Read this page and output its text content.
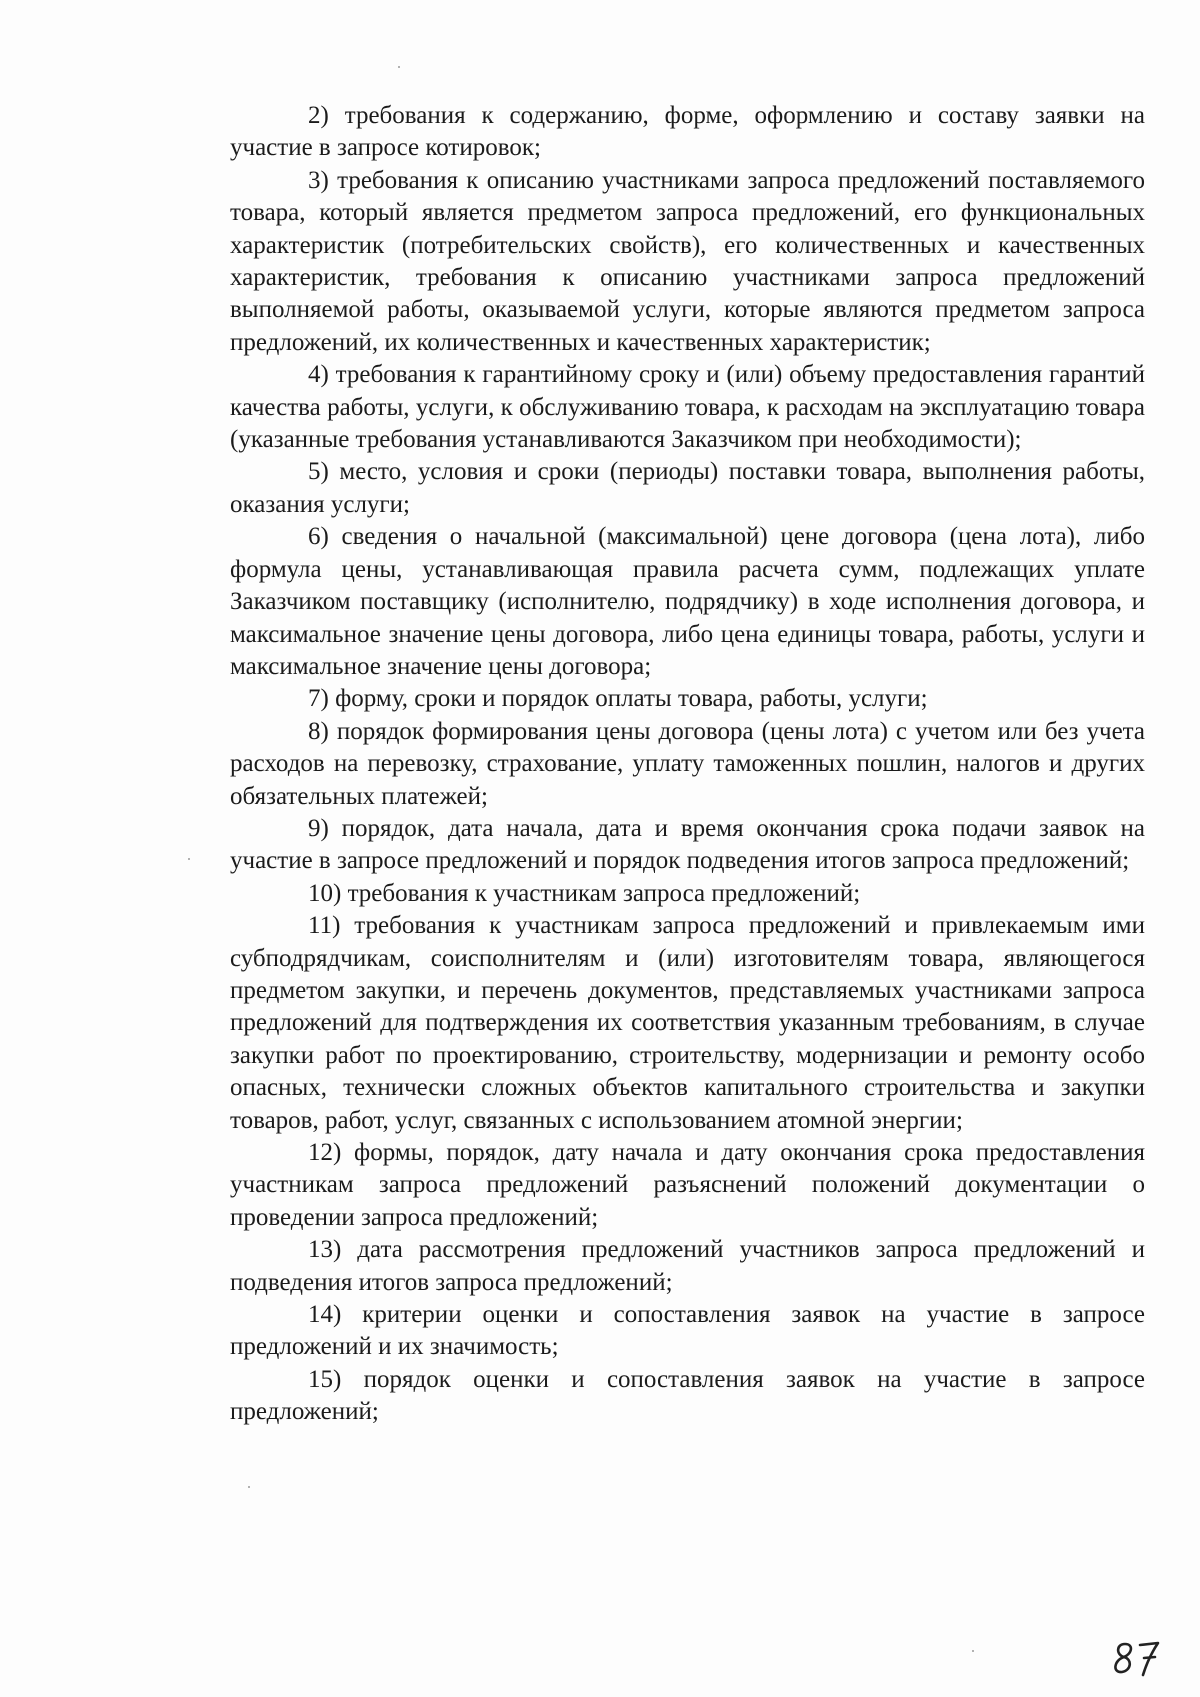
2) требования к содержанию, форме, оформлению и составу заявки на участие в запросе котировок;

3) требования к описанию участниками запроса предложений поставляемого товара, который является предметом запроса предложений, его функциональных характеристик (потребительских свойств), его количественных и качественных характеристик, требования к описанию участниками запроса предложений выполняемой работы, оказываемой услуги, которые являются предметом запроса предложений, их количественных и качественных характеристик;

4) требования к гарантийному сроку и (или) объему предоставления гарантий качества работы, услуги, к обслуживанию товара, к расходам на эксплуатацию товара (указанные требования устанавливаются Заказчиком при необходимости);

5) место, условия и сроки (периоды) поставки товара, выполнения работы, оказания услуги;

6) сведения о начальной (максимальной) цене договора (цена лота), либо формула цены, устанавливающая правила расчета сумм, подлежащих уплате Заказчиком поставщику (исполнителю, подрядчику) в ходе исполнения договора, и максимальное значение цены договора, либо цена единицы товара, работы, услуги и максимальное значение цены договора;

7) форму, сроки и порядок оплаты товара, работы, услуги;

8) порядок формирования цены договора (цены лота) с учетом или без учета расходов на перевозку, страхование, уплату таможенных пошлин, налогов и других обязательных платежей;

9) порядок, дата начала, дата и время окончания срока подачи заявок на участие в запросе предложений и порядок подведения итогов запроса предложений;

10) требования к участникам запроса предложений;

11) требования к участникам запроса предложений и привлекаемым ими субподрядчикам, соисполнителям и (или) изготовителям товара, являющегося предметом закупки, и перечень документов, представляемых участниками запроса предложений для подтверждения их соответствия указанным требованиям, в случае закупки работ по проектированию, строительству, модернизации и ремонту особо опасных, технически сложных объектов капитального строительства и закупки товаров, работ, услуг, связанных с использованием атомной энергии;

12) формы, порядок, дату начала и дату окончания срока предоставления участникам запроса предложений разъяснений положений документации о проведении запроса предложений;

13) дата рассмотрения предложений участников запроса предложений и подведения итогов запроса предложений;

14) критерии оценки и сопоставления заявок на участие в запросе предложений и их значимость;

15) порядок оценки и сопоставления заявок на участие в запросе предложений;
